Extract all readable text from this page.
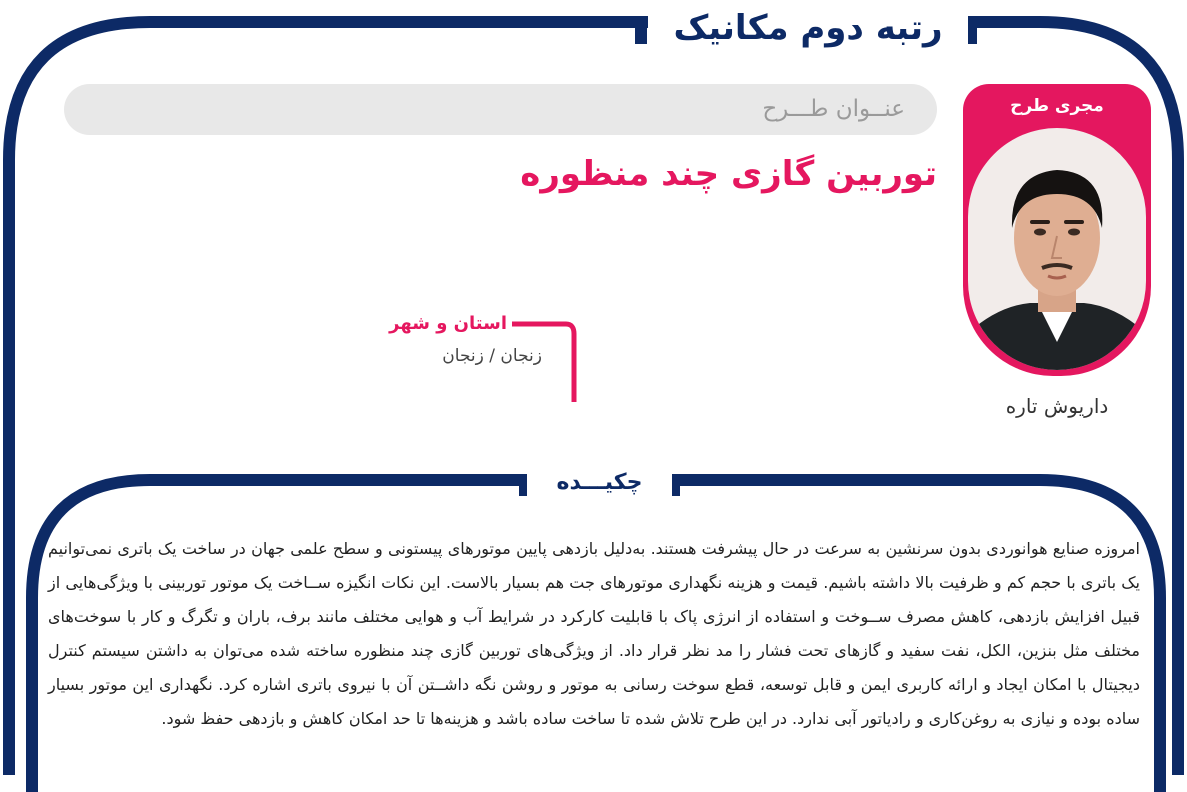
رتبه دوم مکانیک
عنــوان طـــرح
توربین گازی چند منظوره
استان و شهر
زنجان / زنجان
مجری طرح
داریوش تاره
چکیـــده

امروزه صنایع هوانوردی بدون سرنشین به سرعت در حال پیشرفت هستند. به‌دلیل بازدهی پایین موتورهای پیستونی و سطح علمی جهان در ساخت یک باتری نمی‌توانیم یک باتری با حجم کم و ظرفیت بالا داشته باشیم. قیمت و هزینه نگهداری موتورهای جت هم بسیار بالاست. این نکات انگیزه ســاخت یک موتور توربینی با ویژگی‌هایی از قبیل افزایش بازدهی، کاهش مصرف ســوخت و استفاده از انرژی پاک با قابلیت کارکرد در شرایط آب و هوایی مختلف مانند برف، باران و تگرگ و کار با سوخت‌های مختلف مثل بنزین، الکل، نفت سفید و گازهای تحت فشار را مد نظر قرار داد. از ویژگی‌های توربین گازی چند منظوره ساخته شده می‌توان به داشتن سیستم کنترل دیجیتال با امکان ایجاد و ارائه کاربری ایمن و قابل توسعه، قطع سوخت رسانی به موتور و روشن نگه داشــتن آن با نیروی باتری اشاره کرد. نگهداری این موتور بسیار ساده بوده و نیازی به روغن‌کاری و رادیاتور آبی ندارد. در این طرح تلاش شده تا ساخت ساده باشد و هزینه‌ها تا حد امکان کاهش و بازدهی حفظ شود.
